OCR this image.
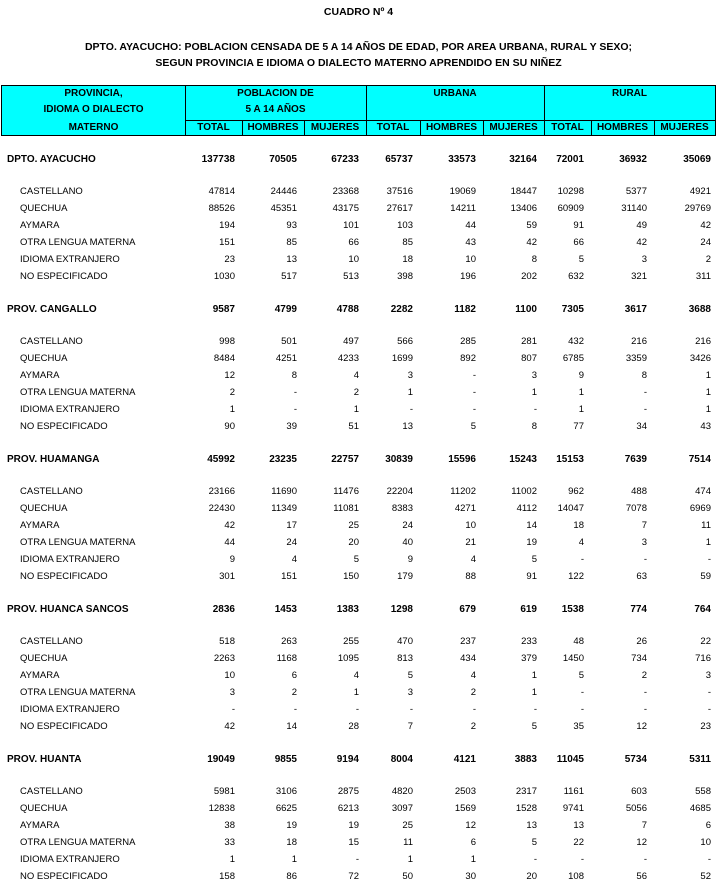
CUADRO Nº 4
DPTO. AYACUCHO: POBLACION CENSADA DE 5 A 14 AÑOS DE EDAD, POR AREA URBANA, RURAL Y SEXO;
SEGUN PROVINCIA E IDIOMA O DIALECTO MATERNO APRENDIDO EN SU NIÑEZ
PROVINCIA,
IDIOMA O DIALECTO
MATERNO
POBLACION DE
5 A 14 AÑOS
URBANA	RURAL
TOTAL	HOMBRES	MUJERES	TOTAL	HOMBRES	MUJERES	TOTAL	HOMBRES	MUJERES
DPTO. AYACUCHO	137738	70505	67233	65737	33573	32164	72001	36932	35069
CASTELLANO	47814	24446	23368	37516	19069	18447	10298	5377	4921
QUECHUA	88526	45351	43175	27617	14211	13406	60909	31140	29769
AYMARA	194	93	101	103	44	59	91	49	42
OTRA LENGUA MATERNA	151	85	66	85	43	42	66	42	24
IDIOMA EXTRANJERO	23	13	10	18	10	8	5	3	2
NO ESPECIFICADO	1030	517	513	398	196	202	632	321	311
PROV. CANGALLO	9587	4799	4788	2282	1182	1100	7305	3617	3688
CASTELLANO	998	501	497	566	285	281	432	216	216
QUECHUA	8484	4251	4233	1699	892	807	6785	3359	3426
AYMARA	12	8	4	3	-	3	9	8	1
OTRA LENGUA MATERNA	2	-	2	1	-	1	1	-	1
IDIOMA EXTRANJERO	1	-	1	-	-	-	1	-	1
NO ESPECIFICADO	90	39	51	13	5	8	77	34	43
PROV. HUAMANGA	45992	23235	22757	30839	15596	15243	15153	7639	7514
CASTELLANO	23166	11690	11476	22204	11202	11002	962	488	474
QUECHUA	22430	11349	11081	8383	4271	4112	14047	7078	6969
AYMARA	42	17	25	24	10	14	18	7	11
OTRA LENGUA MATERNA	44	24	20	40	21	19	4	3	1
IDIOMA EXTRANJERO	9	4	5	9	4	5	-	-	-
NO ESPECIFICADO	301	151	150	179	88	91	122	63	59
PROV. HUANCA SANCOS	2836	1453	1383	1298	679	619	1538	774	764
CASTELLANO	518	263	255	470	237	233	48	26	22
QUECHUA	2263	1168	1095	813	434	379	1450	734	716
AYMARA	10	6	4	5	4	1	5	2	3
OTRA LENGUA MATERNA	3	2	1	3	2	1	-	-	-
IDIOMA EXTRANJERO	-	-	-	-	-	-	-	-	-
NO ESPECIFICADO	42	14	28	7	2	5	35	12	23
PROV. HUANTA	19049	9855	9194	8004	4121	3883	11045	5734	5311
CASTELLANO	5981	3106	2875	4820	2503	2317	1161	603	558
QUECHUA	12838	6625	6213	3097	1569	1528	9741	5056	4685
AYMARA	38	19	19	25	12	13	13	7	6
OTRA LENGUA MATERNA	33	18	15	11	6	5	22	12	10
IDIOMA EXTRANJERO	1	1	-	1	1	-	-	-	-
NO ESPECIFICADO	158	86	72	50	30	20	108	56	52
